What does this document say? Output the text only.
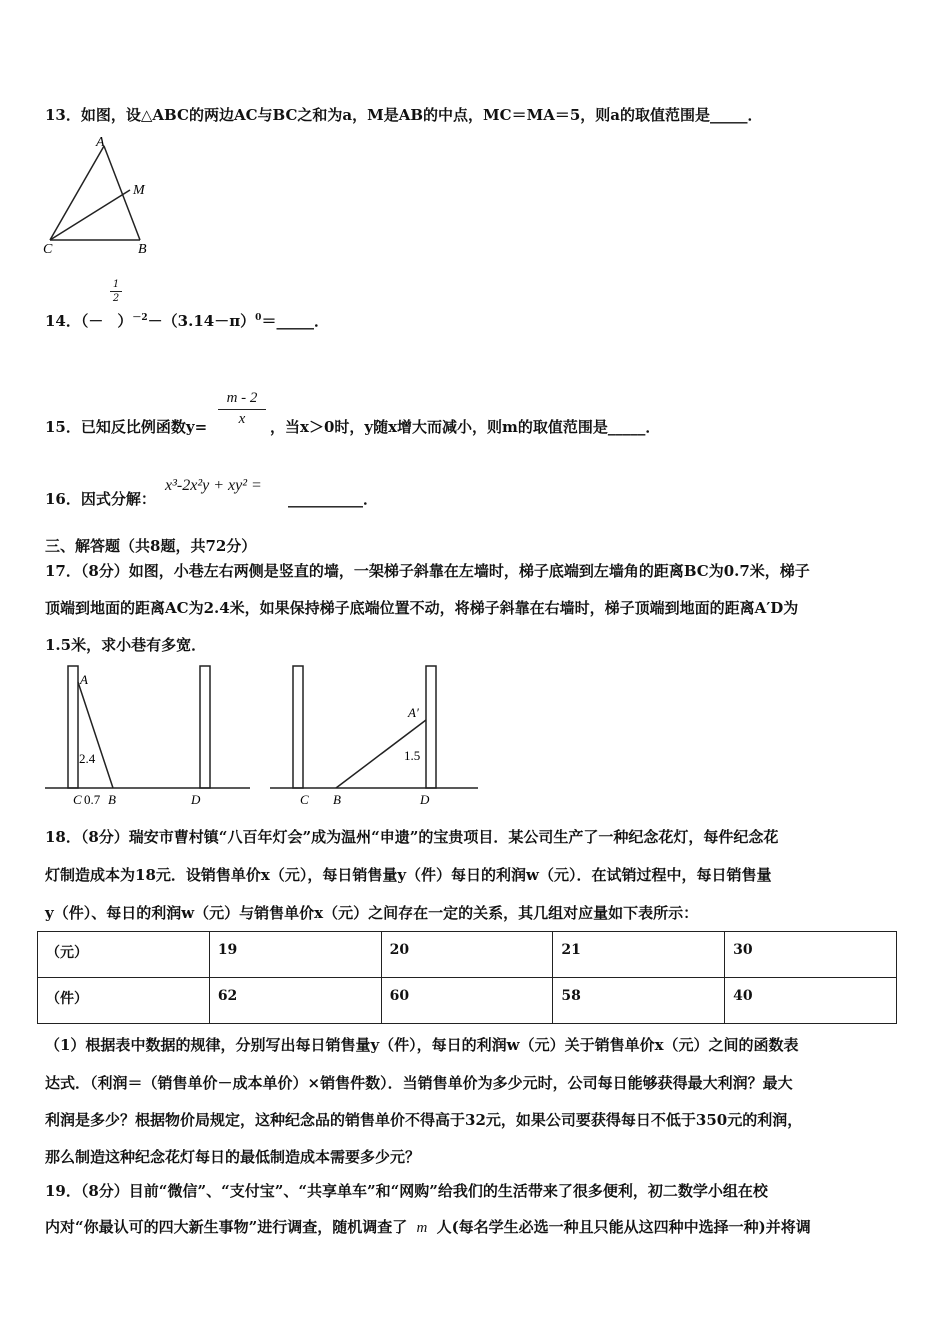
13．如图，设△ABC的两边AC与BC之和为a，M是AB的中点，MC＝MA＝5，则a的取值范围是_____．
A
M
C	B
1
2
14．（－ ）$^{-2}-(3.14-\pi)^0=\_\_\_\_\_$．
15．已知反比例函数y=
m - 2
x	，当x＞0时，y随x增大而减小，则m的取值范围是_____．
16．因式分解：
x³-2x²y + xy² =
__________．
三、解答题（共8题，共72分）
17．（8分）如图，小巷左右两侧是竖直的墙，一架梯子斜靠在左墙时，梯子底端到左墙角的距离BC为0.7米，梯子
顶端到地面的距离AC为2.4米，如果保持梯子底端位置不动，将梯子斜靠在右墙时，梯子顶端到地面的距离A′D为
1.5米，求小巷有多宽．
A
2.4
C 0.7 B	D
A′
1.5
C B	D
18．（8分）瑞安市曹村镇“八百年灯会”成为温州“申遗”的宝贵项目．某公司生产了一种纪念花灯，每件纪念花
灯制造成本为18元．设销售单价x（元），每日销售量y（件）每日的利润w（元）．在试销过程中，每日销售量
y（件）、每日的利润w（元）与销售单价x（元）之间存在一定的关系，其几组对应量如下表所示：
（元）	19	20	21	30
（件）	62	60	58	40
（1）根据表中数据的规律，分别写出每日销售量y（件），每日的利润w（元）关于销售单价x（元）之间的函数表
达式．（利润＝（销售单价－成本单价）×销售件数）．当销售单价为多少元时，公司每日能够获得最大利润？最大
利润是多少？根据物价局规定，这种纪念品的销售单价不得高于32元，如果公司要获得每日不低于350元的利润，
那么制造这种纪念花灯每日的最低制造成本需要多少元？
19．（8分）目前“微信”、“支付宝”、“共享单车”和“网购”给我们的生活带来了很多便利，初二数学小组在校
内对“你最认可的四大新生事物”进行调查，随机调查了 m 人(每名学生必选一种且只能从这四种中选择一种)并将调
